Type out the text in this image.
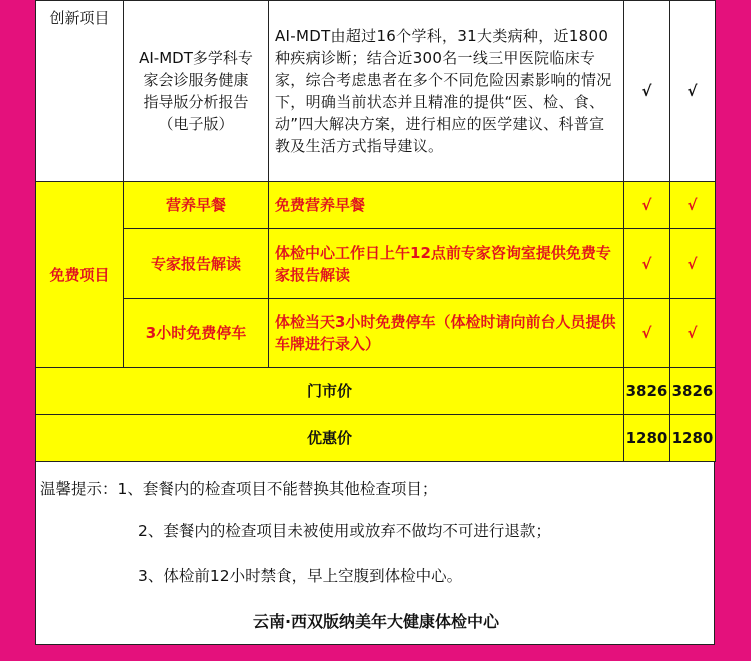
创新项目	AI-MDT多学科专
家会诊服务健康
指导版分析报告
（电子版）	AI-MDT由超过16个学科，31大类病种，近1800种疾病诊断；结合近300名一线三甲医院临床专家，综合考虑患者在多个不同危险因素影响的情况下，明确当前状态并且精准的提供“医、检、食、动”四大解决方案，进行相应的医学建议、科普宣教及生活方式指导建议。	√	√
免费项目	营养早餐	免费营养早餐	√	√
	专家报告解读	体检中心工作日上午12点前专家咨询室提供免费专家报告解读	√	√
	3小时免费停车	体检当天3小时免费停车（体检时请向前台人员提供车牌进行录入）	√	√
门市价			3826	3826
优惠价			1280	1280
温馨提示：1、套餐内的检查项目不能替换其他检查项目；
2、套餐内的检查项目未被使用或放弃不做均不可进行退款；
3、体检前12小时禁食，早上空腹到体检中心。
云南·西双版纳美年大健康体检中心
